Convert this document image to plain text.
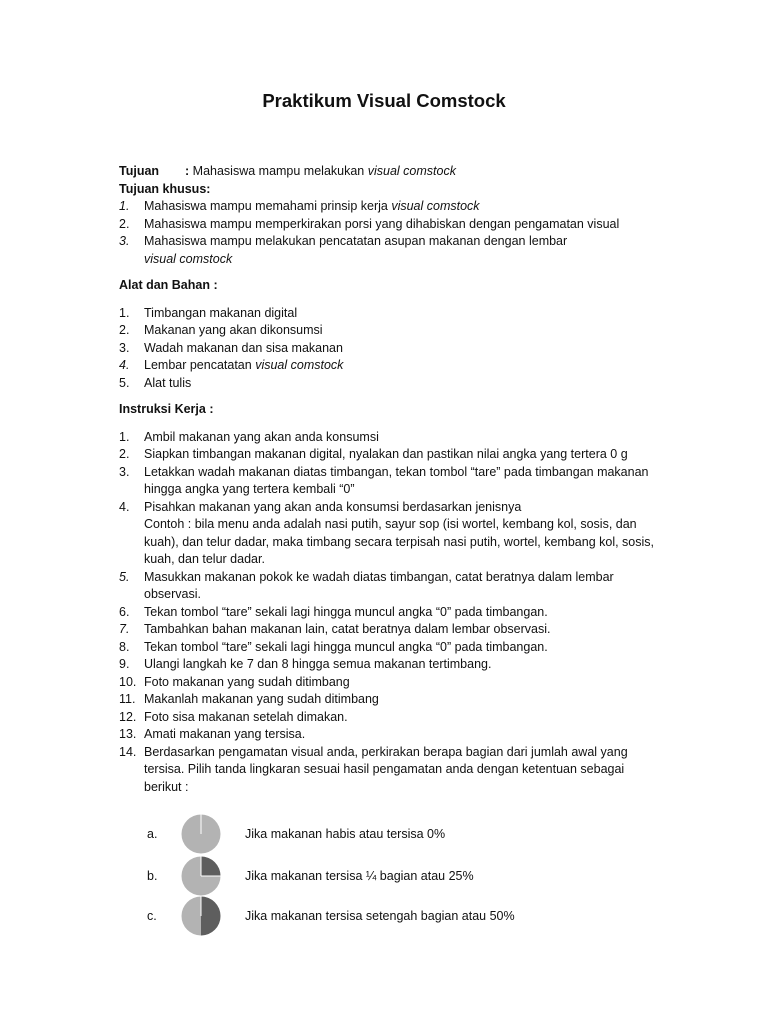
Praktikum Visual Comstock
Tujuan : Mahasiswa mampu melakukan visual comstock
Tujuan khusus:
1.	Mahasiswa mampu memahami prinsip kerja visual comstock
2.	Mahasiswa mampu memperkirakan porsi yang dihabiskan dengan pengamatan visual
3.	Mahasiswa mampu melakukan pencatatan asupan makanan dengan lembar
visual comstock
Alat dan Bahan :
1.	Timbangan makanan digital
2.	Makanan yang akan dikonsumsi
3.	Wadah makanan dan sisa makanan
4.	Lembar pencatatan visual comstock
5.	Alat tulis
Instruksi Kerja :
1.	Ambil makanan yang akan anda konsumsi
2.	Siapkan timbangan makanan digital, nyalakan dan pastikan nilai angka yang tertera 0 g
3.	Letakkan wadah makanan diatas timbangan, tekan tombol “tare” pada timbangan makanan
hingga angka yang tertera kembali “0”
4.	Pisahkan makanan yang akan anda konsumsi berdasarkan jenisnya
Contoh : bila menu anda adalah nasi putih, sayur sop (isi wortel, kembang kol, sosis, dan
kuah), dan telur dadar, maka timbang secara terpisah nasi putih, wortel, kembang kol, sosis,
kuah, dan telur dadar.
5.	Masukkan makanan pokok ke wadah diatas timbangan, catat beratnya dalam lembar
observasi.
6.	Tekan tombol “tare” sekali lagi hingga muncul angka “0” pada timbangan.
7.	Tambahkan bahan makanan lain, catat beratnya dalam lembar observasi.
8.	Tekan tombol “tare” sekali lagi hingga muncul angka “0” pada timbangan.
9.	Ulangi langkah ke 7 dan 8 hingga semua makanan tertimbang.
10. Foto makanan yang sudah ditimbang
11. Makanlah makanan yang sudah ditimbang
12. Foto sisa makanan setelah dimakan.
13. Amati makanan yang tersisa.
14. Berdasarkan pengamatan visual anda, perkirakan berapa bagian dari jumlah awal yang
tersisa. Pilih tanda lingkaran sesuai hasil pengamatan anda dengan ketentuan sebagai
berikut :
a.	Jika makanan habis atau tersisa 0%
b.	Jika makanan tersisa ¼ bagian atau 25%
c.	Jika makanan tersisa setengah bagian atau 50%
